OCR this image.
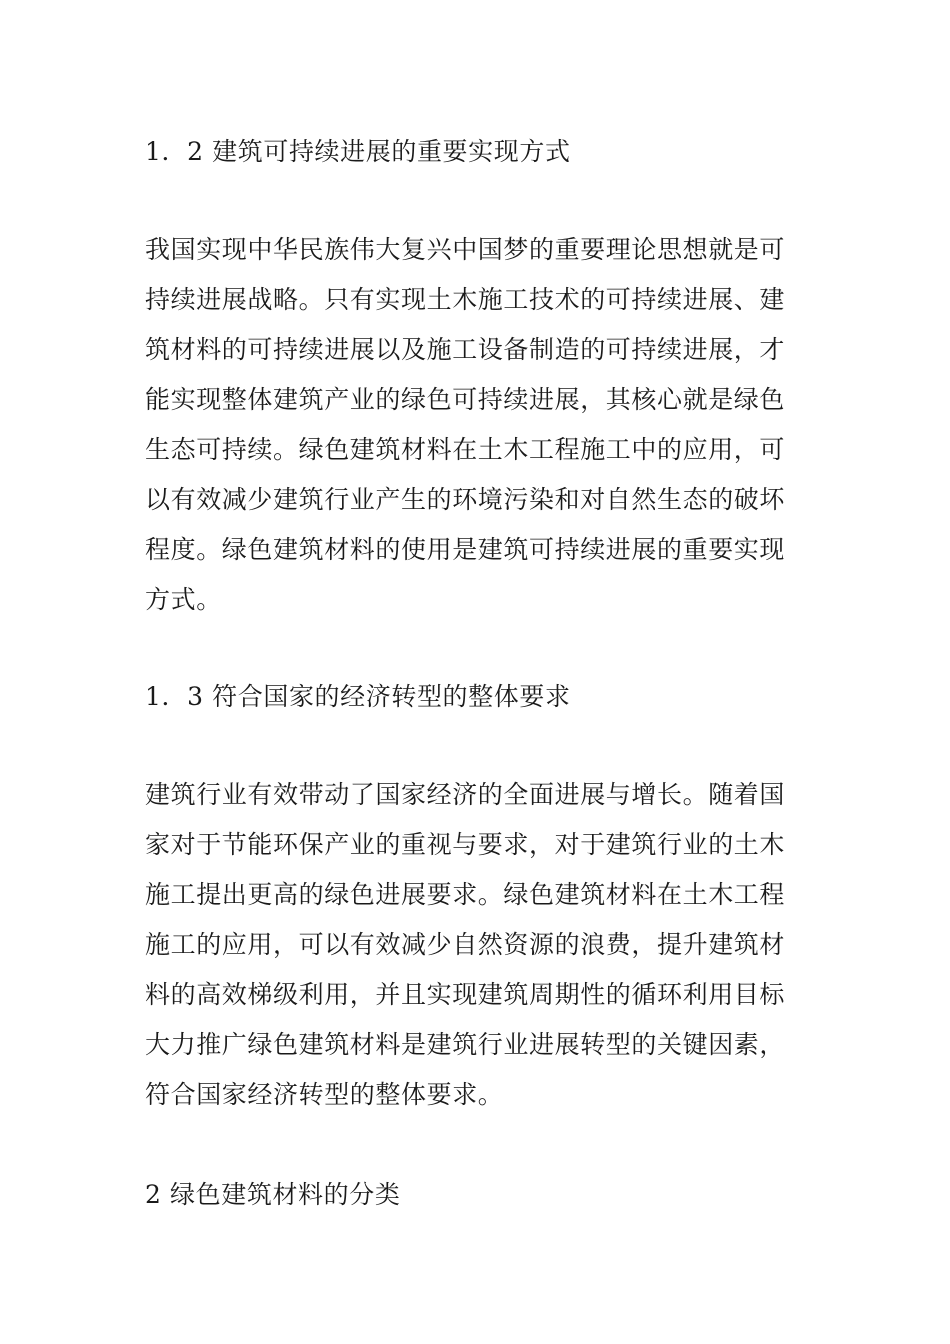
1．2 建筑可持续进展的重要实现方式
我国实现中华民族伟大复兴中国梦的重要理论思想就是可
持续进展战略。只有实现土木施工技术的可持续进展、建
筑材料的可持续进展以及施工设备制造的可持续进展，才
能实现整体建筑产业的绿色可持续进展，其核心就是绿色
生态可持续。绿色建筑材料在土木工程施工中的应用，可
以有效减少建筑行业产生的环境污染和对自然生态的破坏
程度。绿色建筑材料的使用是建筑可持续进展的重要实现
方式。
1．3 符合国家的经济转型的整体要求
建筑行业有效带动了国家经济的全面进展与增长。随着国
家对于节能环保产业的重视与要求，对于建筑行业的土木
施工提出更高的绿色进展要求。绿色建筑材料在土木工程
施工的应用，可以有效减少自然资源的浪费，提升建筑材
料的高效梯级利用，并且实现建筑周期性的循环利用目标
大力推广绿色建筑材料是建筑行业进展转型的关键因素，
符合国家经济转型的整体要求。
2 绿色建筑材料的分类
